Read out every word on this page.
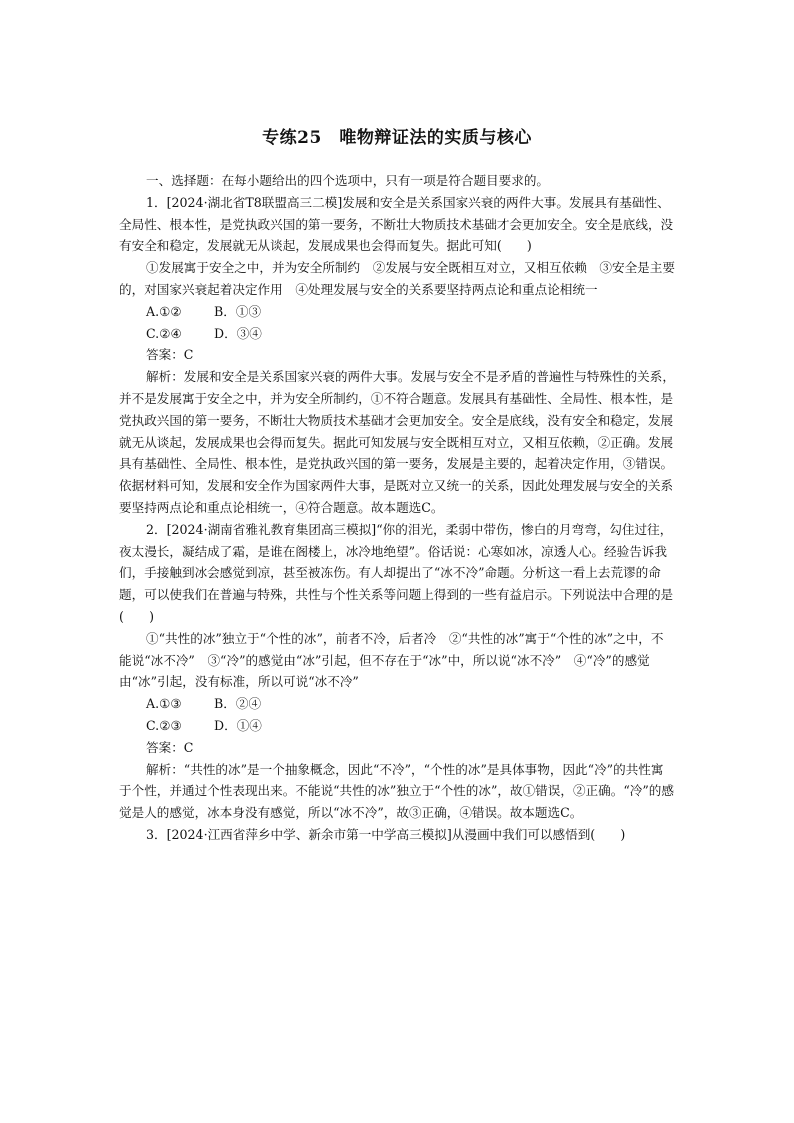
专练25　唯物辩证法的实质与核心

一、选择题：在每小题给出的四个选项中，只有一项是符合题目要求的。

1．[2024·湖北省T8联盟高三二模]发展和安全是关系国家兴衰的两件大事。发展具有基础性、全局性、根本性，是党执政兴国的第一要务，不断壮大物质技术基础才会更加安全。安全是底线，没有安全和稳定，发展就无从谈起，发展成果也会得而复失。据此可知(　　)

①发展寓于安全之中，并为安全所制约　②发展与安全既相互对立，又相互依赖　③安全是主要的，对国家兴衰起着决定作用　④处理发展与安全的关系要坚持两点论和重点论相统一

A.①②	B．①③
C.②④	D．③④

答案：C

解析：发展和安全是关系国家兴衰的两件大事。发展与安全不是矛盾的普遍性与特殊性的关系，并不是发展寓于安全之中，并为安全所制约，①不符合题意。发展具有基础性、全局性、根本性，是党执政兴国的第一要务，不断壮大物质技术基础才会更加安全。安全是底线，没有安全和稳定，发展就无从谈起，发展成果也会得而复失。据此可知发展与安全既相互对立，又相互依赖，②正确。发展具有基础性、全局性、根本性，是党执政兴国的第一要务，发展是主要的，起着决定作用，③错误。依据材料可知，发展和安全作为国家两件大事，是既对立又统一的关系，因此处理发展与安全的关系要坚持两点论和重点论相统一，④符合题意。故本题选C。

2．[2024·湖南省雅礼教育集团高三模拟]“你的泪光，柔弱中带伤，惨白的月弯弯，勾住过往，夜太漫长，凝结成了霜，是谁在阁楼上，冰冷地绝望”。俗话说：心寒如冰，凉透人心。经验告诉我们，手接触到冰会感觉到凉，甚至被冻伤。有人却提出了“冰不冷”命题。分析这一看上去荒谬的命题，可以使我们在普遍与特殊，共性与个性关系等问题上得到的一些有益启示。下列说法中合理的是(　　)

①“共性的冰”独立于“个性的冰”，前者不冷，后者冷　②“共性的冰”寓于“个性的冰”之中，不能说“冰不冷”　③“冷”的感觉由“冰”引起，但不存在于“冰”中，所以说“冰不冷”　④“冷”的感觉由“冰”引起，没有标准，所以可说“冰不冷”

A.①③	B．②④
C.②③	D．①④

答案：C

解析：“共性的冰”是一个抽象概念，因此“不冷”，“个性的冰”是具体事物，因此“冷”的共性寓于个性，并通过个性表现出来。不能说“共性的冰”独立于“个性的冰”，故①错误，②正确。“冷”的感觉是人的感觉，冰本身没有感觉，所以“冰不冷”，故③正确，④错误。故本题选C。

3．[2024·江西省萍乡中学、新余市第一中学高三模拟]从漫画中我们可以感悟到(　　)
